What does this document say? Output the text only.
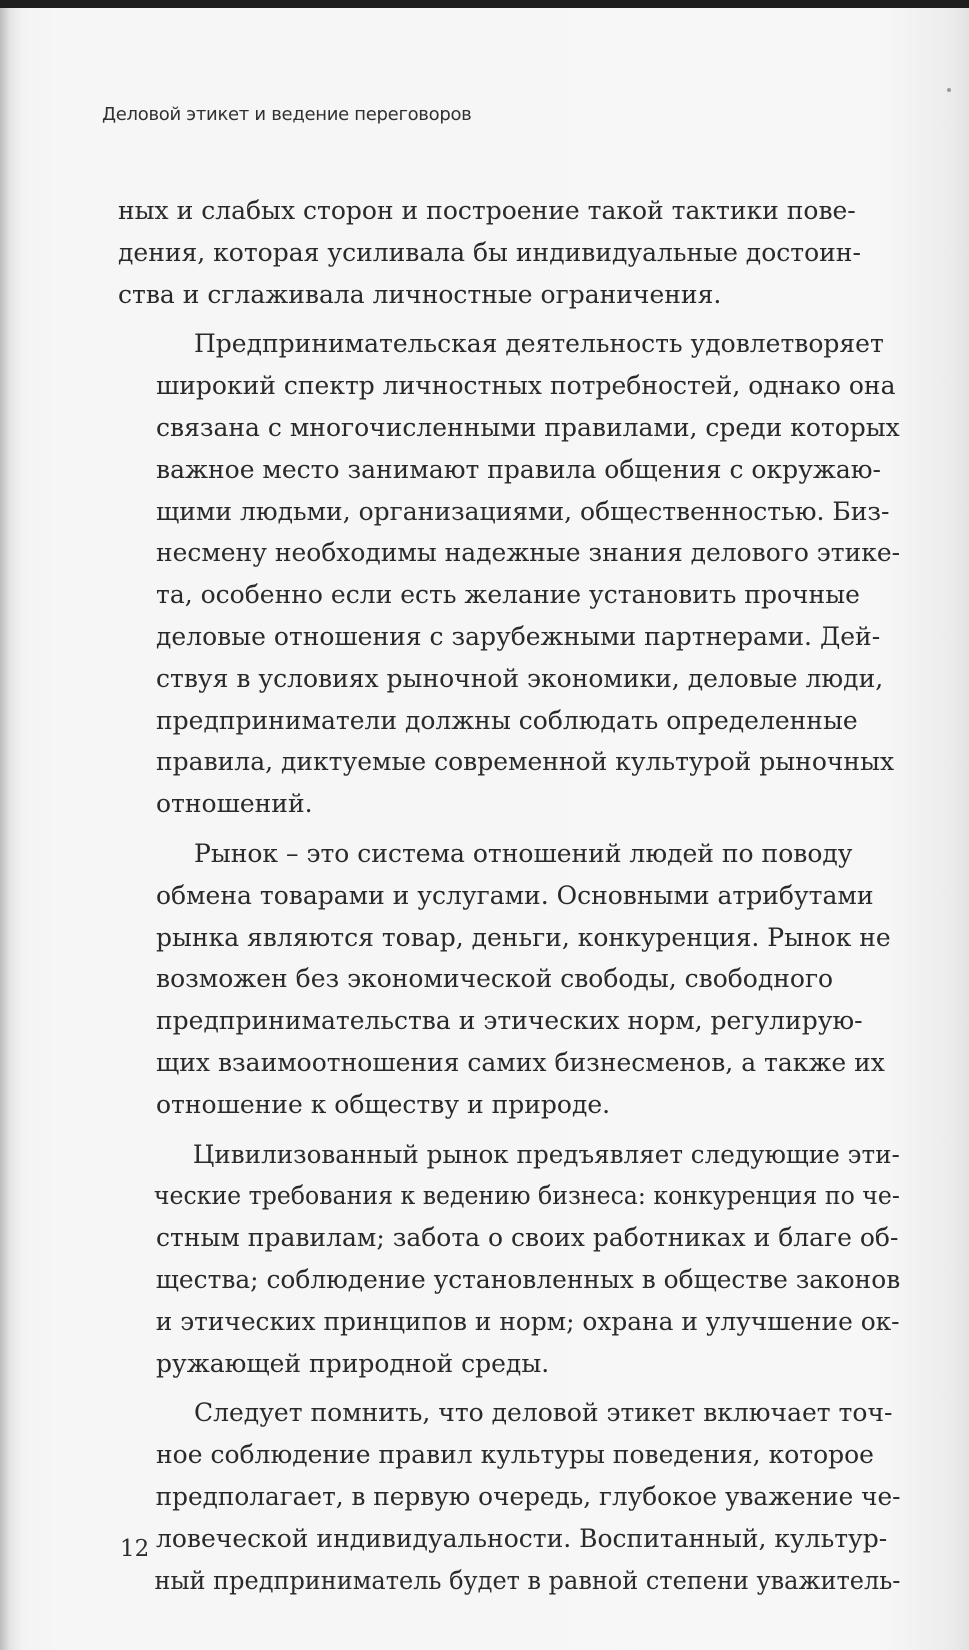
Деловой этикет и ведение переговоров
ных и слабых сторон и построение такой тактики пове-
дения, которая усиливала бы индивидуальные достоин-
ства и сглаживала личностные ограничения.
Предпринимательская деятельность удовлетворяет
широкий спектр личностных потребностей, однако она
связана с многочисленными правилами, среди которых
важное место занимают правила общения с окружаю-
щими людьми, организациями, общественностью. Биз-
несмену необходимы надежные знания делового этике-
та, особенно если есть желание установить прочные
деловые отношения с зарубежными партнерами. Дей-
ствуя в условиях рыночной экономики, деловые люди,
предприниматели должны соблюдать определенные
правила, диктуемые современной культурой рыночных
отношений.
Рынок – это система отношений людей по поводу
обмена товарами и услугами. Основными атрибутами
рынка являются товар, деньги, конкуренция. Рынок не
возможен без экономической свободы, свободного
предпринимательства и этических норм, регулирую-
щих взаимоотношения самих бизнесменов, а также их
отношение к обществу и природе.
Цивилизованный рынок предъявляет следующие эти-
ческие требования к ведению бизнеса: конкуренция по че-
стным правилам; забота о своих работниках и благе об-
щества; соблюдение установленных в обществе законов
и этических принципов и норм; охрана и улучшение ок-
ружающей природной среды.
Следует помнить, что деловой этикет включает точ-
ное соблюдение правил культуры поведения, которое
предполагает, в первую очередь, глубокое уважение че-
ловеческой индивидуальности. Воспитанный, культур-
ный предприниматель будет в равной степени уважитель-
12
